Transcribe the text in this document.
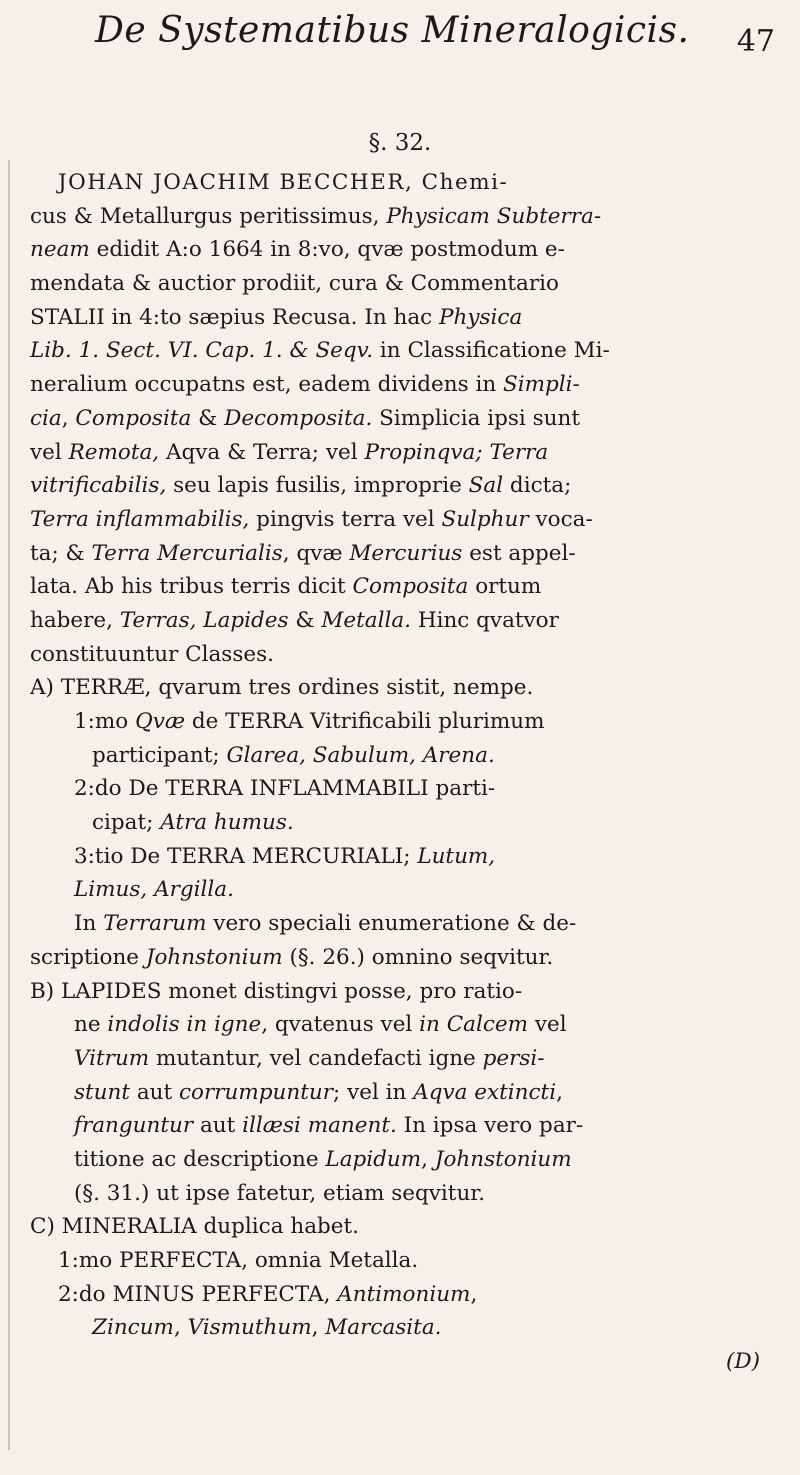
De Systematibus Mineralogicis. 47
§. 32.
JOHAN JOACHIM BECCHER, Chemi-
cus & Metallurgus peritissimus, Physicam Subterra-
neam edidit A:o 1664 in 8:vo, qvæ postmodum e-
mendata & auctior prodiit, cura & Commentario
STALII in 4:to sæpius Recusa. In hac Physica
Lib. 1. Sect. VI. Cap. 1. & Seqv. in Classificatione Mi-
neralium occupatns est, eadem dividens in Simpli-
cia, Composita & Decomposita. Simplicia ipsi sunt
vel Remota, Aqva & Terra; vel Propinqva; Terra
vitrificabilis, seu lapis fusilis, improprie Sal dicta;
Terra inflammabilis, pingvis terra vel Sulphur voca-
ta; & Terra Mercurialis, qvæ Mercurius est appel-
lata. Ab his tribus terris dicit Composita ortum
habere, Terras, Lapides & Metalla. Hinc qvatvor
constituuntur Classes.
A) TERRÆ, qvarum tres ordines sistit, nempe.
1:mo Qvæ de TERRA Vitrificabili plurimum
participant; Glarea, Sabulum, Arena.
2:do De TERRA INFLAMMABILI parti-
cipat; Atra humus.
3:tio De TERRA MERCURIALI; Lutum,
Limus, Argilla.
In Terrarum vero speciali enumeratione & de-
scriptione Johnstonium (§. 26.) omnino seqvitur.
B) LAPIDES monet distingvi posse, pro ratio-
ne indolis in igne, qvatenus vel in Calcem vel
Vitrum mutantur, vel candefacti igne persi-
stunt aut corrumpuntur; vel in Aqva extincti,
franguntur aut illæsi manent. In ipsa vero par-
titione ac descriptione Lapidum, Johnstonium
(§. 31.) ut ipse fatetur, etiam seqvitur.
C) MINERALIA duplica habet.
1:mo PERFECTA, omnia Metalla.
2:do MINUS PERFECTA, Antimonium,
Zincum, Vismuthum, Marcasita.
(D)
